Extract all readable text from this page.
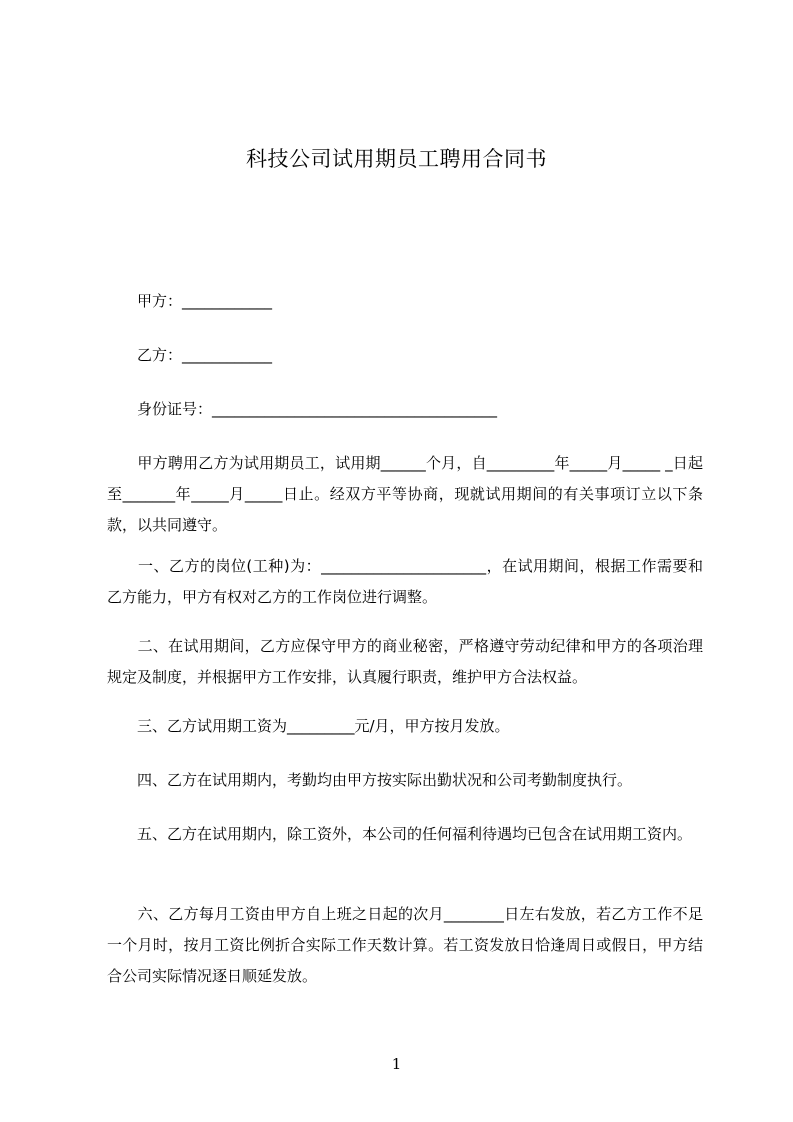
科技公司试用期员工聘用合同书
甲方：____________
乙方：____________
身份证号：______________________________________

　　甲方聘用乙方为试用期员工，试用期______个月，自_________年_____月_____ _日起至_______年_____月_____日止。经双方平等协商，现就试用期间的有关事项订立以下条款，以共同遵守。

　　一、乙方的岗位(工种)为：______________________，在试用期间，根据工作需要和乙方能力，甲方有权对乙方的工作岗位进行调整。

　　二、在试用期间，乙方应保守甲方的商业秘密，严格遵守劳动纪律和甲方的各项治理规定及制度，并根据甲方工作安排，认真履行职责，维护甲方合法权益。

　　三、乙方试用期工资为_________元/月，甲方按月发放。

　　四、乙方在试用期内，考勤均由甲方按实际出勤状况和公司考勤制度执行。

　　五、乙方在试用期内，除工资外，本公司的任何福利待遇均已包含在试用期工资内。

　　六、乙方每月工资由甲方自上班之日起的次月________日左右发放，若乙方工作不足一个月时，按月工资比例折合实际工作天数计算。若工资发放日恰逢周日或假日，甲方结合公司实际情况逐日顺延发放。

1
